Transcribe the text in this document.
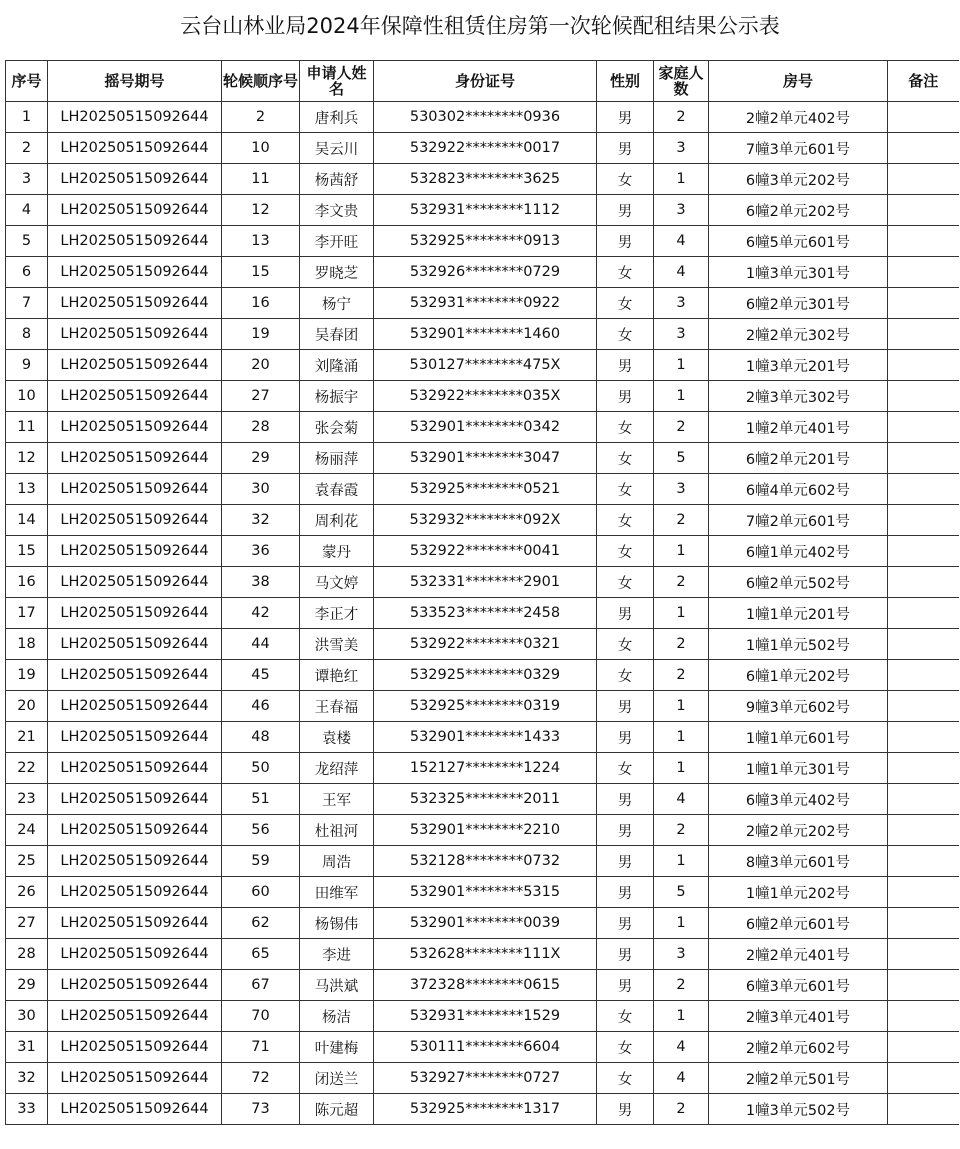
云台山林业局2024年保障性租赁住房第一次轮候配租结果公示表
序号	摇号期号	轮候顺序号	申请人姓名	身份证号	性别	家庭人数	房号	备注
1	LH20250515092644	2	唐利兵	530302********0936	男	2	2幢2单元402号	
2	LH20250515092644	10	吴云川	532922********0017	男	3	7幢3单元601号	
3	LH20250515092644	11	杨茜舒	532823********3625	女	1	6幢3单元202号	
4	LH20250515092644	12	李文贵	532931********1112	男	3	6幢2单元202号	
5	LH20250515092644	13	李开旺	532925********0913	男	4	6幢5单元601号	
6	LH20250515092644	15	罗晓芝	532926********0729	女	4	1幢3单元301号	
7	LH20250515092644	16	杨宁	532931********0922	女	3	6幢2单元301号	
8	LH20250515092644	19	吴春团	532901********1460	女	3	2幢2单元302号	
9	LH20250515092644	20	刘隆涌	530127********475X	男	1	1幢3单元201号	
10	LH20250515092644	27	杨振宇	532922********035X	男	1	2幢3单元302号	
11	LH20250515092644	28	张会菊	532901********0342	女	2	1幢2单元401号	
12	LH20250515092644	29	杨丽萍	532901********3047	女	5	6幢2单元201号	
13	LH20250515092644	30	袁春霞	532925********0521	女	3	6幢4单元602号	
14	LH20250515092644	32	周利花	532932********092X	女	2	7幢2单元601号	
15	LH20250515092644	36	蒙丹	532922********0041	女	1	6幢1单元402号	
16	LH20250515092644	38	马文婷	532331********2901	女	2	6幢2单元502号	
17	LH20250515092644	42	李正才	533523********2458	男	1	1幢1单元201号	
18	LH20250515092644	44	洪雪美	532922********0321	女	2	1幢1单元502号	
19	LH20250515092644	45	谭艳红	532925********0329	女	2	6幢1单元202号	
20	LH20250515092644	46	王春福	532925********0319	男	1	9幢3单元602号	
21	LH20250515092644	48	袁楼	532901********1433	男	1	1幢1单元601号	
22	LH20250515092644	50	龙绍萍	152127********1224	女	1	1幢1单元301号	
23	LH20250515092644	51	王军	532325********2011	男	4	6幢3单元402号	
24	LH20250515092644	56	杜祖河	532901********2210	男	2	2幢2单元202号	
25	LH20250515092644	59	周浩	532128********0732	男	1	8幢3单元601号	
26	LH20250515092644	60	田维军	532901********5315	男	5	1幢1单元202号	
27	LH20250515092644	62	杨锡伟	532901********0039	男	1	6幢2单元601号	
28	LH20250515092644	65	李进	532628********111X	男	3	2幢2单元401号	
29	LH20250515092644	67	马洪斌	372328********0615	男	2	6幢3单元601号	
30	LH20250515092644	70	杨洁	532931********1529	女	1	2幢3单元401号	
31	LH20250515092644	71	叶建梅	530111********6604	女	4	2幢2单元602号	
32	LH20250515092644	72	闭送兰	532927********0727	女	4	2幢2单元501号	
33	LH20250515092644	73	陈元超	532925********1317	男	2	1幢3单元502号	
